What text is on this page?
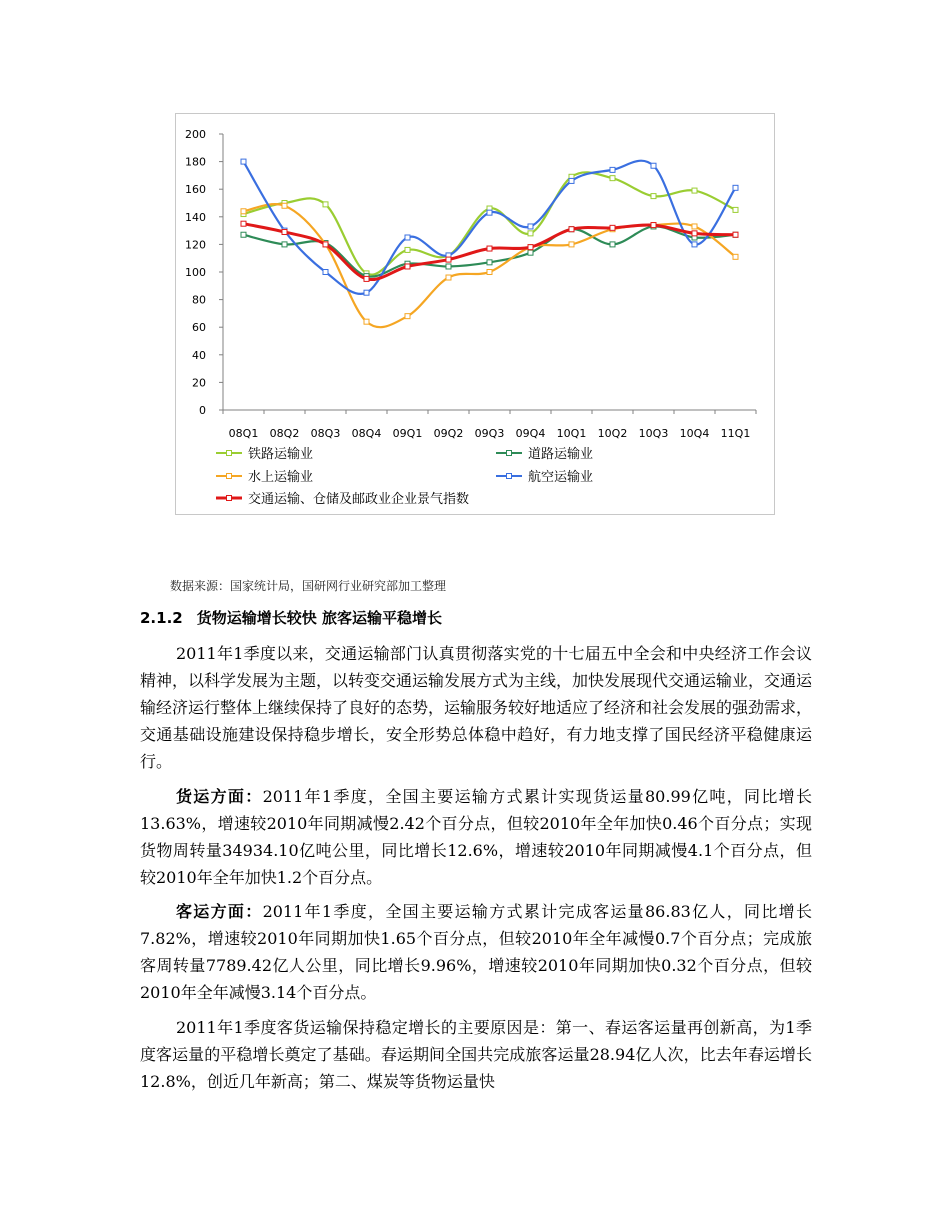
0
20
40
60
80
100
120
140
160
180
200
08Q1 08Q2 08Q3 08Q4 09Q1 09Q2 09Q3 09Q4 10Q1 10Q2 10Q3 10Q4 11Q1
铁路运输业	道路运输业
水上运输业	航空运输业
交通运输、仓储及邮政业企业景气指数
数据来源：国家统计局，国研网行业研究部加工整理
2.1.2 货物运输增长较快 旅客运输平稳增长

2011年1季度以来，交通运输部门认真贯彻落实党的十七届五中全会和中央经济工作会议精神，以科学发展为主题，以转变交通运输发展方式为主线，加快发展现代交通运输业，交通运输经济运行整体上继续保持了良好的态势，运输服务较好地适应了经济和社会发展的强劲需求，交通基础设施建设保持稳步增长，安全形势总体稳中趋好，有力地支撑了国民经济平稳健康运行。

货运方面：2011年1季度，全国主要运输方式累计实现货运量80.99亿吨，同比增长13.63%，增速较2010年同期减慢2.42个百分点，但较2010年全年加快0.46个百分点；实现货物周转量34934.10亿吨公里，同比增长12.6%，增速较2010年同期减慢4.1个百分点，但较2010年全年加快1.2个百分点。

客运方面：2011年1季度，全国主要运输方式累计完成客运量86.83亿人，同比增长7.82%，增速较2010年同期加快1.65个百分点，但较2010年全年减慢0.7个百分点；完成旅客周转量7789.42亿人公里，同比增长9.96%，增速较2010年同期加快0.32个百分点，但较2010年全年减慢3.14个百分点。

2011年1季度客货运输保持稳定增长的主要原因是：第一、春运客运量再创新高，为1季度客运量的平稳增长奠定了基础。春运期间全国共完成旅客运量28.94亿人次，比去年春运增长12.8%，创近几年新高；第二、煤炭等货物运量快
